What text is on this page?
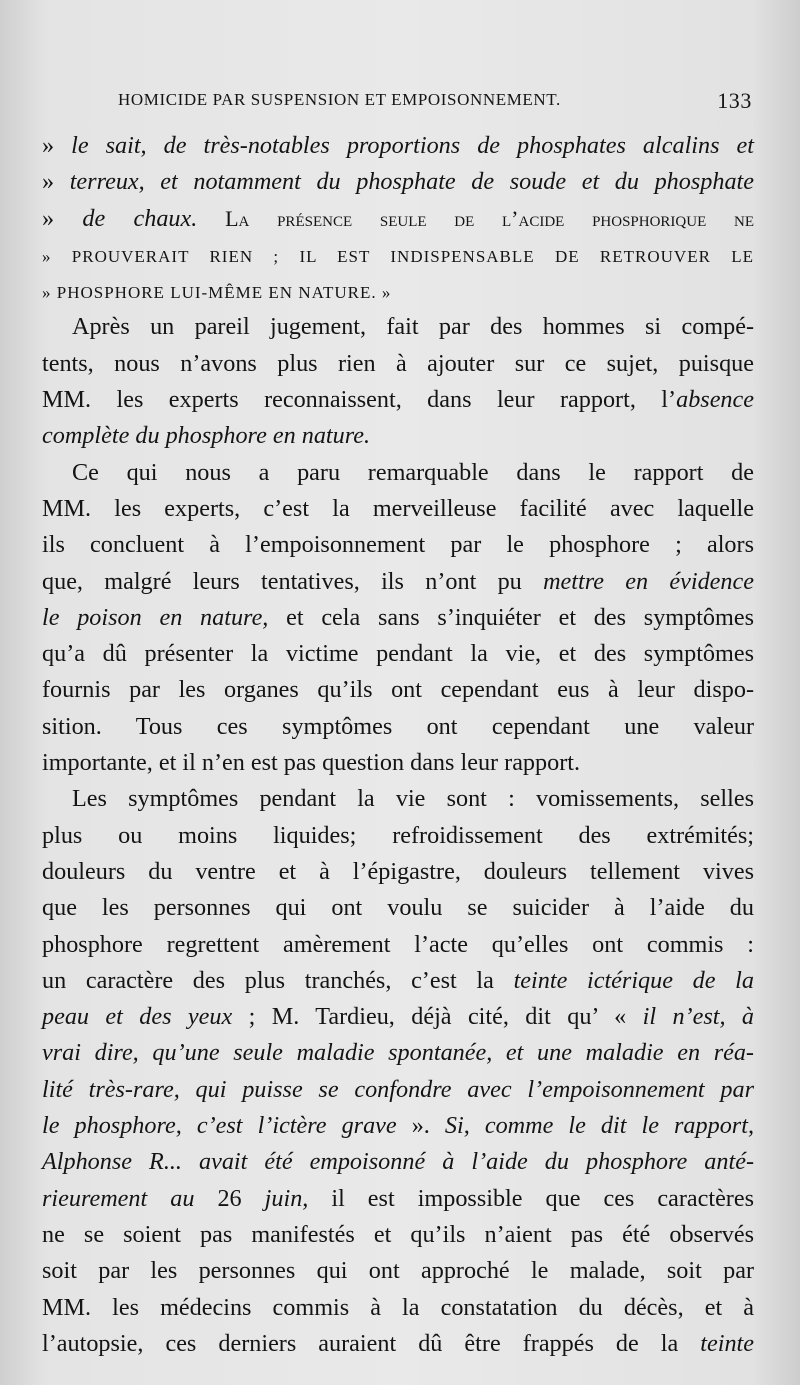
HOMICIDE PAR SUSPENSION ET EMPOISONNEMENT.	133
» le sait, de très-notables proportions de phosphates alcalins et
» terreux, et notamment du phosphate de soude et du phosphate
» de chaux. La présence seule de l’acide phosphorique ne
» PROUVERAIT RIEN ; IL EST INDISPENSABLE DE RETROUVER LE
» PHOSPHORE LUI-MÊME EN NATURE. »
Après un pareil jugement, fait par des hommes si compé-
tents, nous n’avons plus rien à ajouter sur ce sujet, puisque
MM. les experts reconnaissent, dans leur rapport, l’absence
complète du phosphore en nature.
Ce qui nous a paru remarquable dans le rapport de
MM. les experts, c’est la merveilleuse facilité avec laquelle
ils concluent à l’empoisonnement par le phosphore ; alors
que, malgré leurs tentatives, ils n’ont pu mettre en évidence
le poison en nature, et cela sans s’inquiéter et des symptômes
qu’a dû présenter la victime pendant la vie, et des symptômes
fournis par les organes qu’ils ont cependant eus à leur dispo-
sition. Tous ces symptômes ont cependant une valeur
importante, et il n’en est pas question dans leur rapport.
Les symptômes pendant la vie sont : vomissements, selles
plus ou moins liquides; refroidissement des extrémités;
douleurs du ventre et à l’épigastre, douleurs tellement vives
que les personnes qui ont voulu se suicider à l’aide du
phosphore regrettent amèrement l’acte qu’elles ont commis :
un caractère des plus tranchés, c’est la teinte ictérique de la
peau et des yeux ; M. Tardieu, déjà cité, dit qu’ « il n’est, à
vrai dire, qu’une seule maladie spontanée, et une maladie en réa-
lité très-rare, qui puisse se confondre avec l’empoisonnement par
le phosphore, c’est l’ictère grave ». Si, comme le dit le rapport,
Alphonse R... avait été empoisonné à l’aide du phosphore anté-
rieurement au 26 juin, il est impossible que ces caractères
ne se soient pas manifestés et qu’ils n’aient pas été observés
soit par les personnes qui ont approché le malade, soit par
MM. les médecins commis à la constatation du décès, et à
l’autopsie, ces derniers auraient dû être frappés de la teinte
